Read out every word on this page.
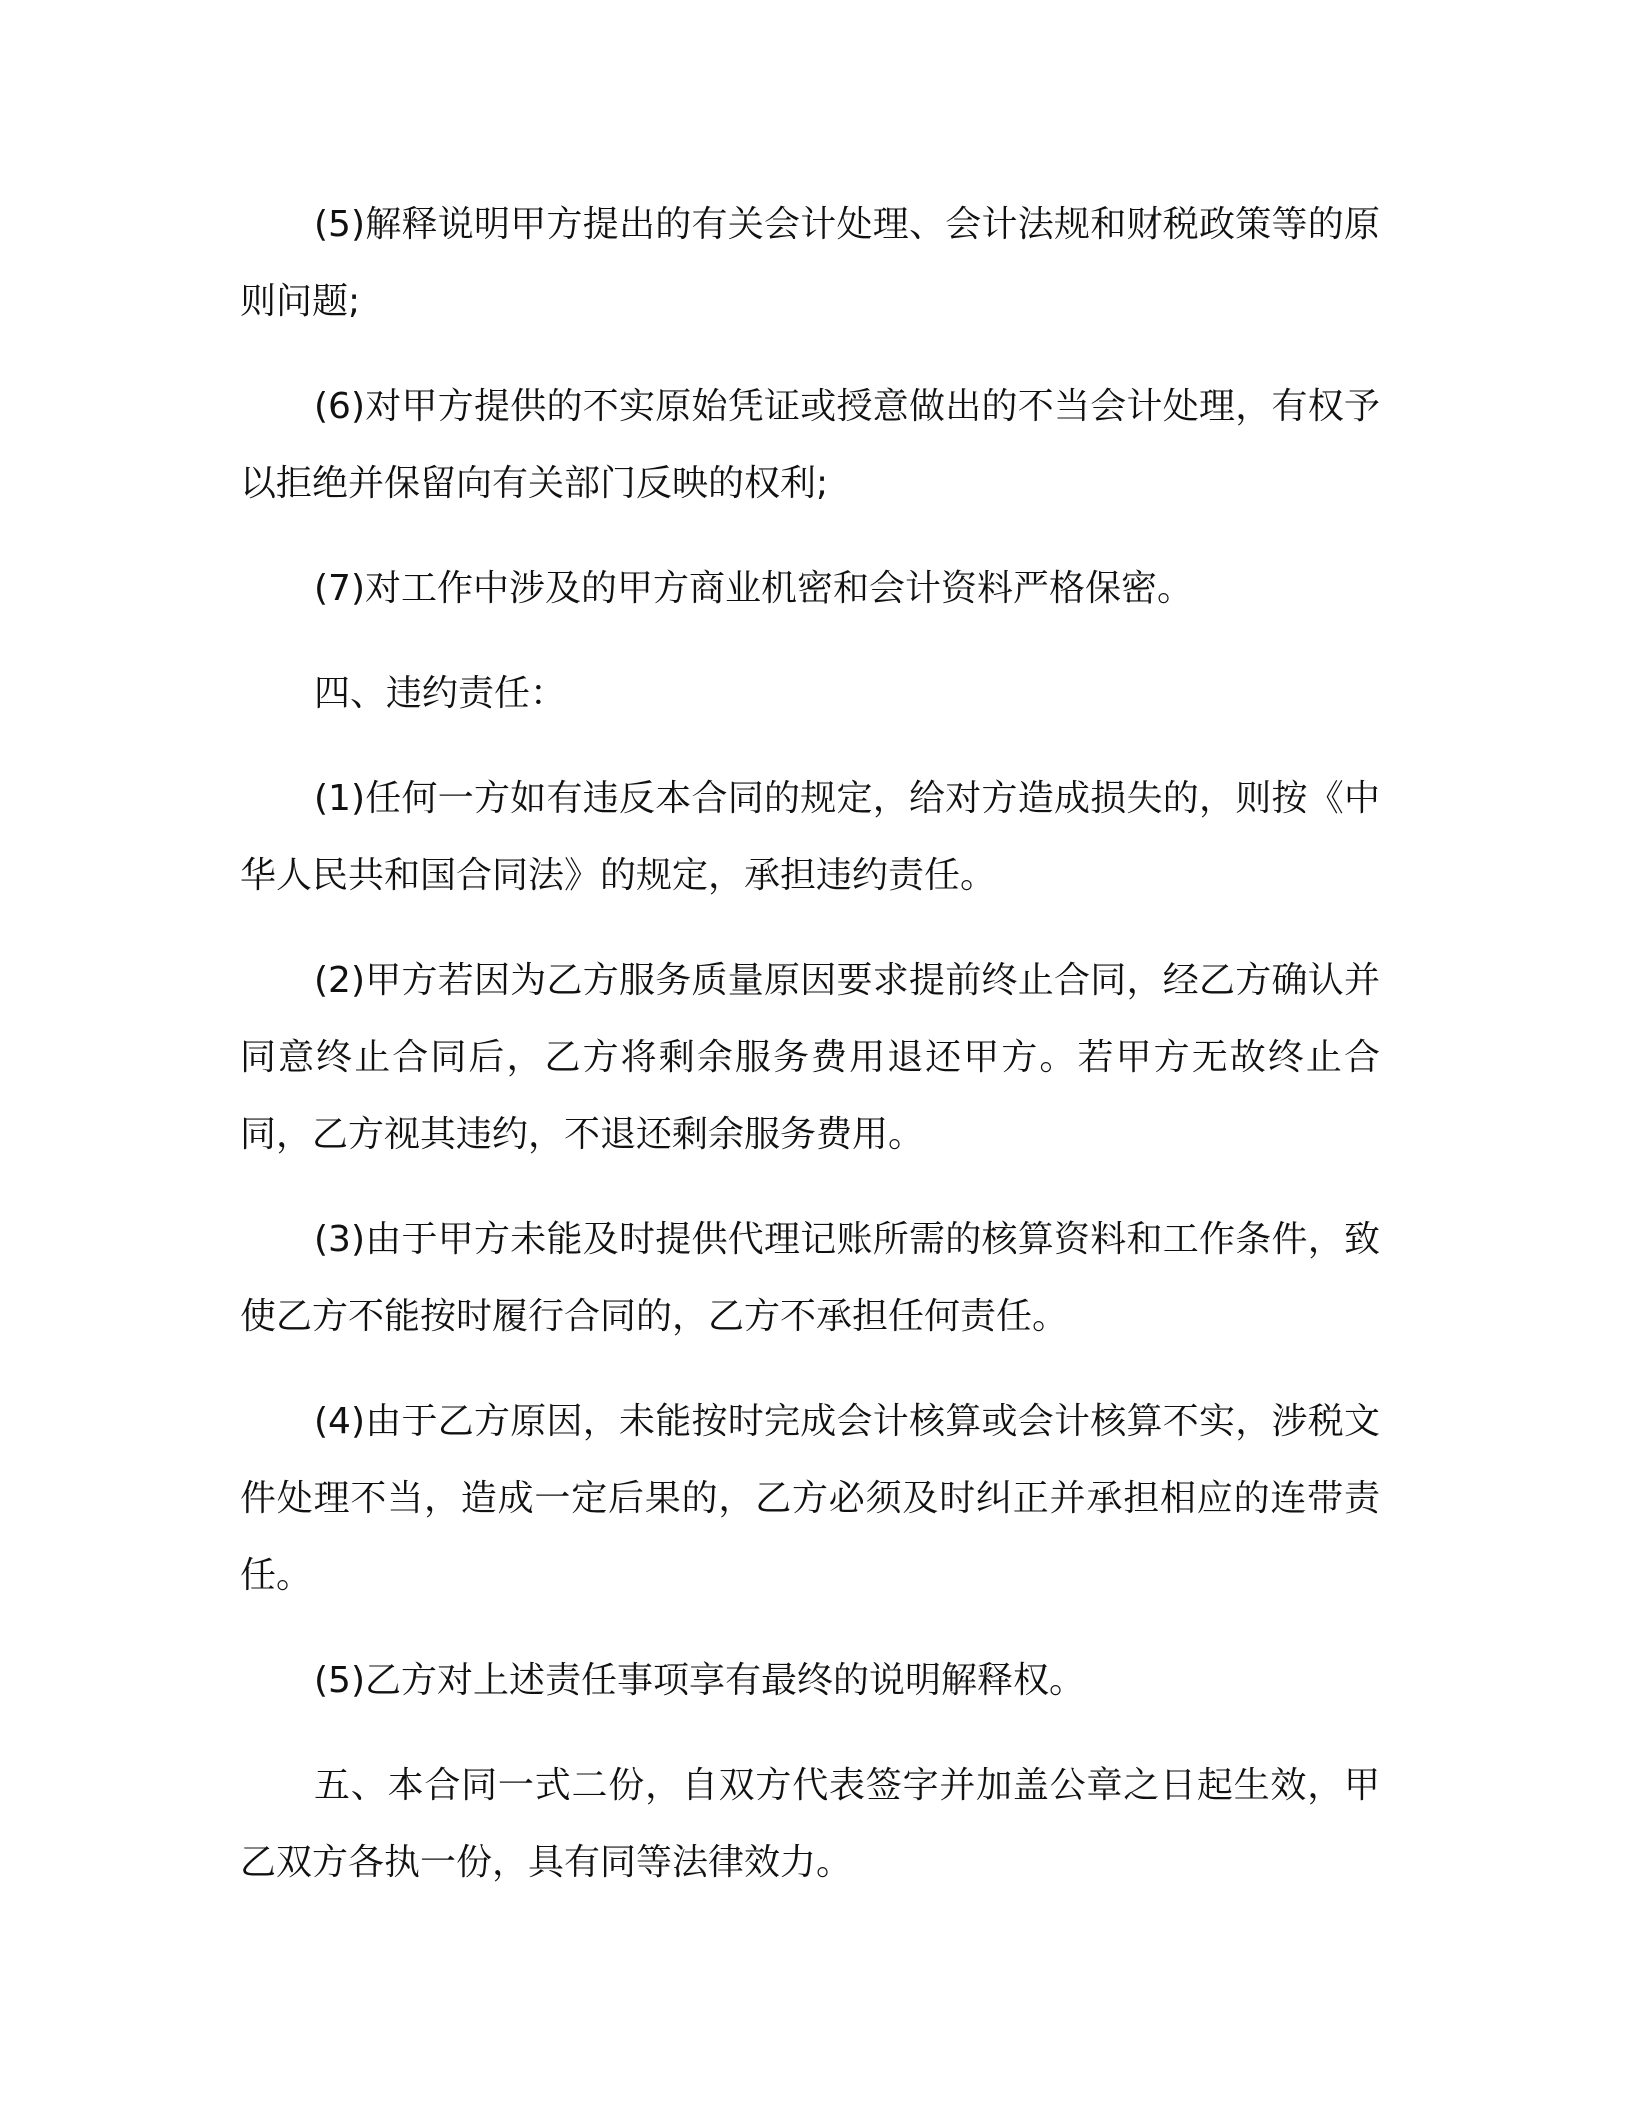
(5)解释说明甲方提出的有关会计处理、会计法规和财税政策等的原则问题;

(6)对甲方提供的不实原始凭证或授意做出的不当会计处理，有权予以拒绝并保留向有关部门反映的权利;

(7)对工作中涉及的甲方商业机密和会计资料严格保密。

四、违约责任：

(1)任何一方如有违反本合同的规定，给对方造成损失的，则按《中华人民共和国合同法》的规定，承担违约责任。

(2)甲方若因为乙方服务质量原因要求提前终止合同，经乙方确认并同意终止合同后，乙方将剩余服务费用退还甲方。若甲方无故终止合同，乙方视其违约，不退还剩余服务费用。

(3)由于甲方未能及时提供代理记账所需的核算资料和工作条件，致使乙方不能按时履行合同的，乙方不承担任何责任。

(4)由于乙方原因，未能按时完成会计核算或会计核算不实，涉税文件处理不当，造成一定后果的，乙方必须及时纠正并承担相应的连带责任。

(5)乙方对上述责任事项享有最终的说明解释权。

五、本合同一式二份，自双方代表签字并加盖公章之日起生效，甲乙双方各执一份，具有同等法律效力。
